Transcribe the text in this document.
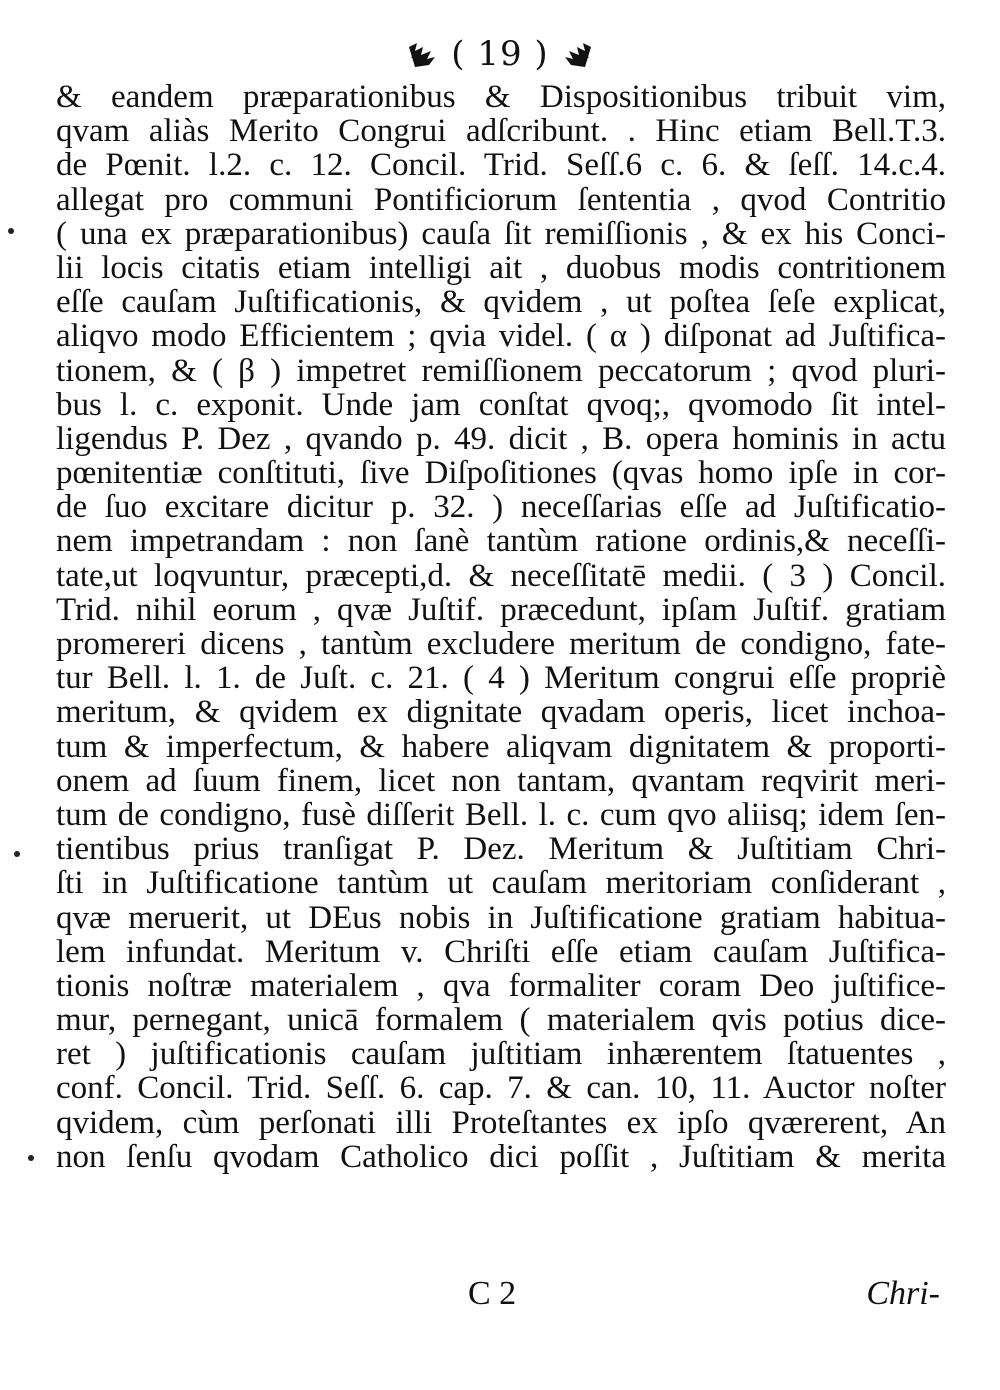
( 19 )
& eandem præparationibus & Dispositionibus tribuit vim,
qvam aliàs Merito Congrui adſcribunt. . Hinc etiam Bell.T.3.
de Pœnit. l.2. c. 12. Concil. Trid. Seſſ.6 c. 6. & ſeſſ. 14.c.4.
allegat pro communi Pontificiorum ſententia , qvod Contritio
( una ex præparationibus) cauſa ſit remiſſionis , & ex his Conci-
lii locis citatis etiam intelligi ait , duobus modis contritionem
eſſe cauſam Juſtificationis, & qvidem , ut poſtea ſeſe explicat,
aliqvo modo Efficientem ; qvia videl. ( α ) diſponat ad Juſtifica-
tionem, & ( β ) impetret remiſſionem peccatorum ; qvod pluri-
bus l. c. exponit. Unde jam conſtat qvoq;, qvomodo ſit intel-
ligendus P. Dez , qvando p. 49. dicit , B. opera hominis in actu
pœnitentiæ conſtituti, ſive Diſpoſitiones (qvas homo ipſe in cor-
de ſuo excitare dicitur p. 32. ) neceſſarias eſſe ad Juſtificatio-
nem impetrandam : non ſanè tantùm ratione ordinis,& neceſſi-
tate,ut loqvuntur, præcepti,d. & neceſſitatē medii. ( 3 ) Concil.
Trid. nihil eorum , qvæ Juſtif. præcedunt, ipſam Juſtif. gratiam
promereri dicens , tantùm excludere meritum de condigno, fate-
tur Bell. l. 1. de Juſt. c. 21. ( 4 ) Meritum congrui eſſe propriè
meritum, & qvidem ex dignitate qvadam operis, licet inchoa-
tum & imperfectum, & habere aliqvam dignitatem & proporti-
onem ad ſuum finem, licet non tantam, qvantam reqvirit meri-
tum de condigno, fusè diſſerit Bell. l. c. cum qvo aliisq; idem ſen-
tientibus prius tranſigat P. Dez. Meritum & Juſtitiam Chri-
ſti in Juſtificatione tantùm ut cauſam meritoriam conſiderant ,
qvæ meruerit, ut DEus nobis in Juſtificatione gratiam habitua-
lem infundat. Meritum v. Chriſti eſſe etiam cauſam Juſtifica-
tionis noſtræ materialem , qva formaliter coram Deo juſtifice-
mur, pernegant, unicā formalem ( materialem qvis potius dice-
ret ) juſtificationis cauſam juſtitiam inhærentem ſtatuentes ,
conf. Concil. Trid. Seſſ. 6. cap. 7. & can. 10, 11. Auctor noſter
qvidem, cùm perſonati illi Proteſtantes ex ipſo qværerent, An
non ſenſu qvodam Catholico dici poſſit , Juſtitiam & merita
C 2	Chri-
